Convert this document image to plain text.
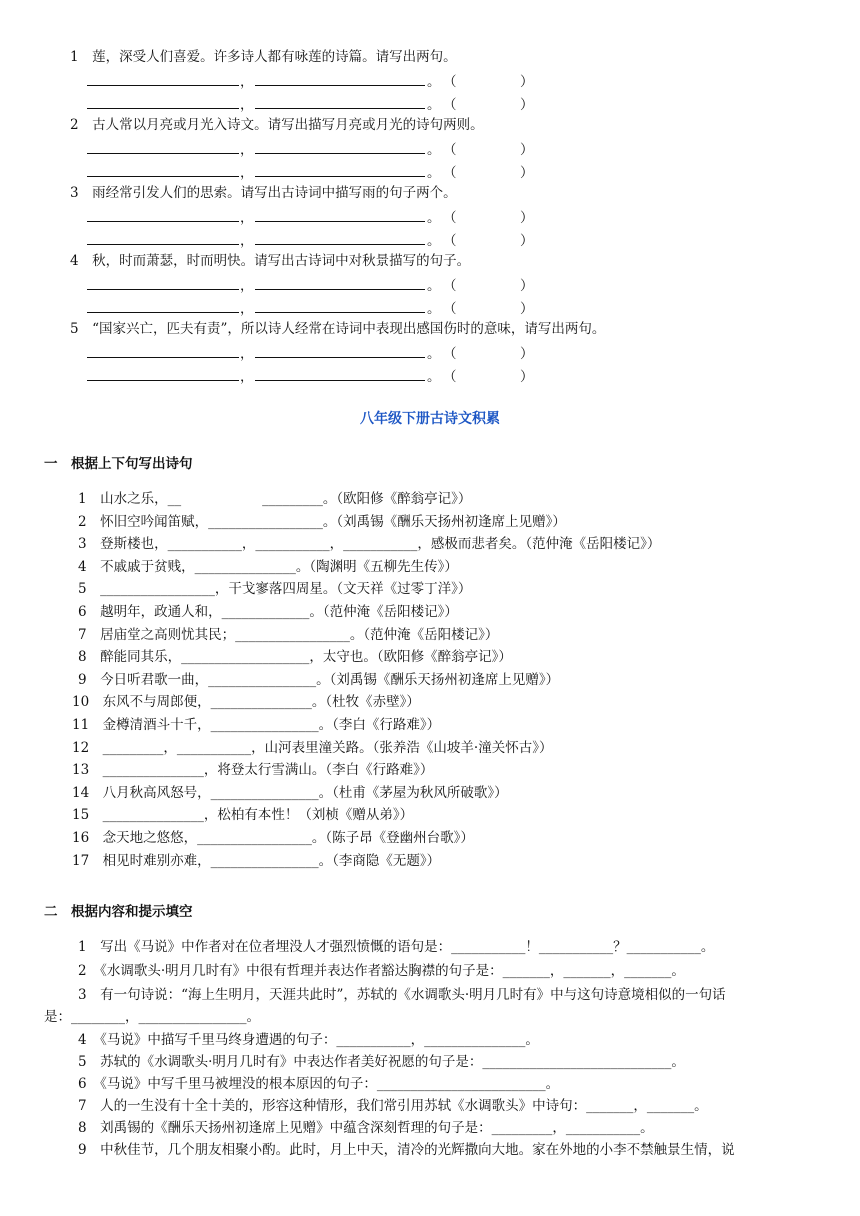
1　莲，深受人们喜爱。许多诗人都有咏莲的诗篇。请写出两句。
，	。 （	）
，	。 （	）
2　古人常以月亮或月光入诗文。请写出描写月亮或月光的诗句两则。
，	。 （	）
，	。 （	）
3　雨经常引发人们的思索。请写出古诗词中描写雨的句子两个。
，	。 （	）
，	。 （	）
4　秋，时而萧瑟，时而明快。请写出古诗词中对秋景描写的句子。
，	。 （	）
，	。 （	）
5　“国家兴亡，匹夫有责”，所以诗人经常在诗词中表现出感国伤时的意味，请写出两句。
，	。 （	）
，	。 （	）
八年级下册古诗文积累
一　根据上下句写出诗句
1　山水之乐，__　　　　　　_________。（欧阳修《醉翁亭记》）
2　怀旧空吟闻笛赋，_________________。（刘禹锡《酬乐天扬州初逢席上见赠》）
3　登斯楼也，___________，___________，___________，感极而悲者矣。（范仲淹《岳阳楼记》）
4　不戚戚于贫贱，_______________。（陶渊明《五柳先生传》）
5　_________________，干戈寥落四周星。（文天祥《过零丁洋》）
6　越明年，政通人和，_____________。（范仲淹《岳阳楼记》）
7　居庙堂之高则忧其民；_________________。（范仲淹《岳阳楼记》）
8　醉能同其乐，___________________，太守也。（欧阳修《醉翁亭记》）
9　今日听君歌一曲，________________。（刘禹锡《酬乐天扬州初逢席上见赠》）
10　东风不与周郎便，_______________。（杜牧《赤壁》）
11　金樽清酒斗十千，________________。（李白《行路难》）
12　_________，___________，山河表里潼关路。（张养浩《山坡羊·潼关怀古》）
13　_______________，将登太行雪满山。（李白《行路难》）
14　八月秋高风怒号，________________。（杜甫《茅屋为秋风所破歌》）
15　_______________，松柏有本性！（刘桢《赠从弟》）
16　念天地之悠悠，_________________。（陈子昂《登幽州台歌》）
17　相见时难别亦难，________________。（李商隐《无题》）
二　根据内容和提示填空
1　写出《马说》中作者对在位者埋没人才强烈愤慨的语句是：___________！___________？___________。
2　《水调歌头·明月几时有》中很有哲理并表达作者豁达胸襟的句子是：_______，_______，_______。
3　有一句诗说：“海上生明月，天涯共此时”，苏轼的《水调歌头·明月几时有》中与这句诗意境相似的一句话
是：________，________________。
4　《马说》中描写千里马终身遭遇的句子：___________，_______________。
5　苏轼的《水调歌头·明月几时有》中表达作者美好祝愿的句子是：____________________________。
6　《马说》中写千里马被埋没的根本原因的句子：_________________________。
7　人的一生没有十全十美的，形容这种情形，我们常引用苏轼《水调歌头》中诗句：_______，_______。
8　刘禹锡的《酬乐天扬州初逢席上见赠》中蕴含深刻哲理的句子是：_________，___________。
9　中秋佳节，几个朋友相聚小酌。此时，月上中天，清冷的光辉撒向大地。家在外地的小李不禁触景生情，说
